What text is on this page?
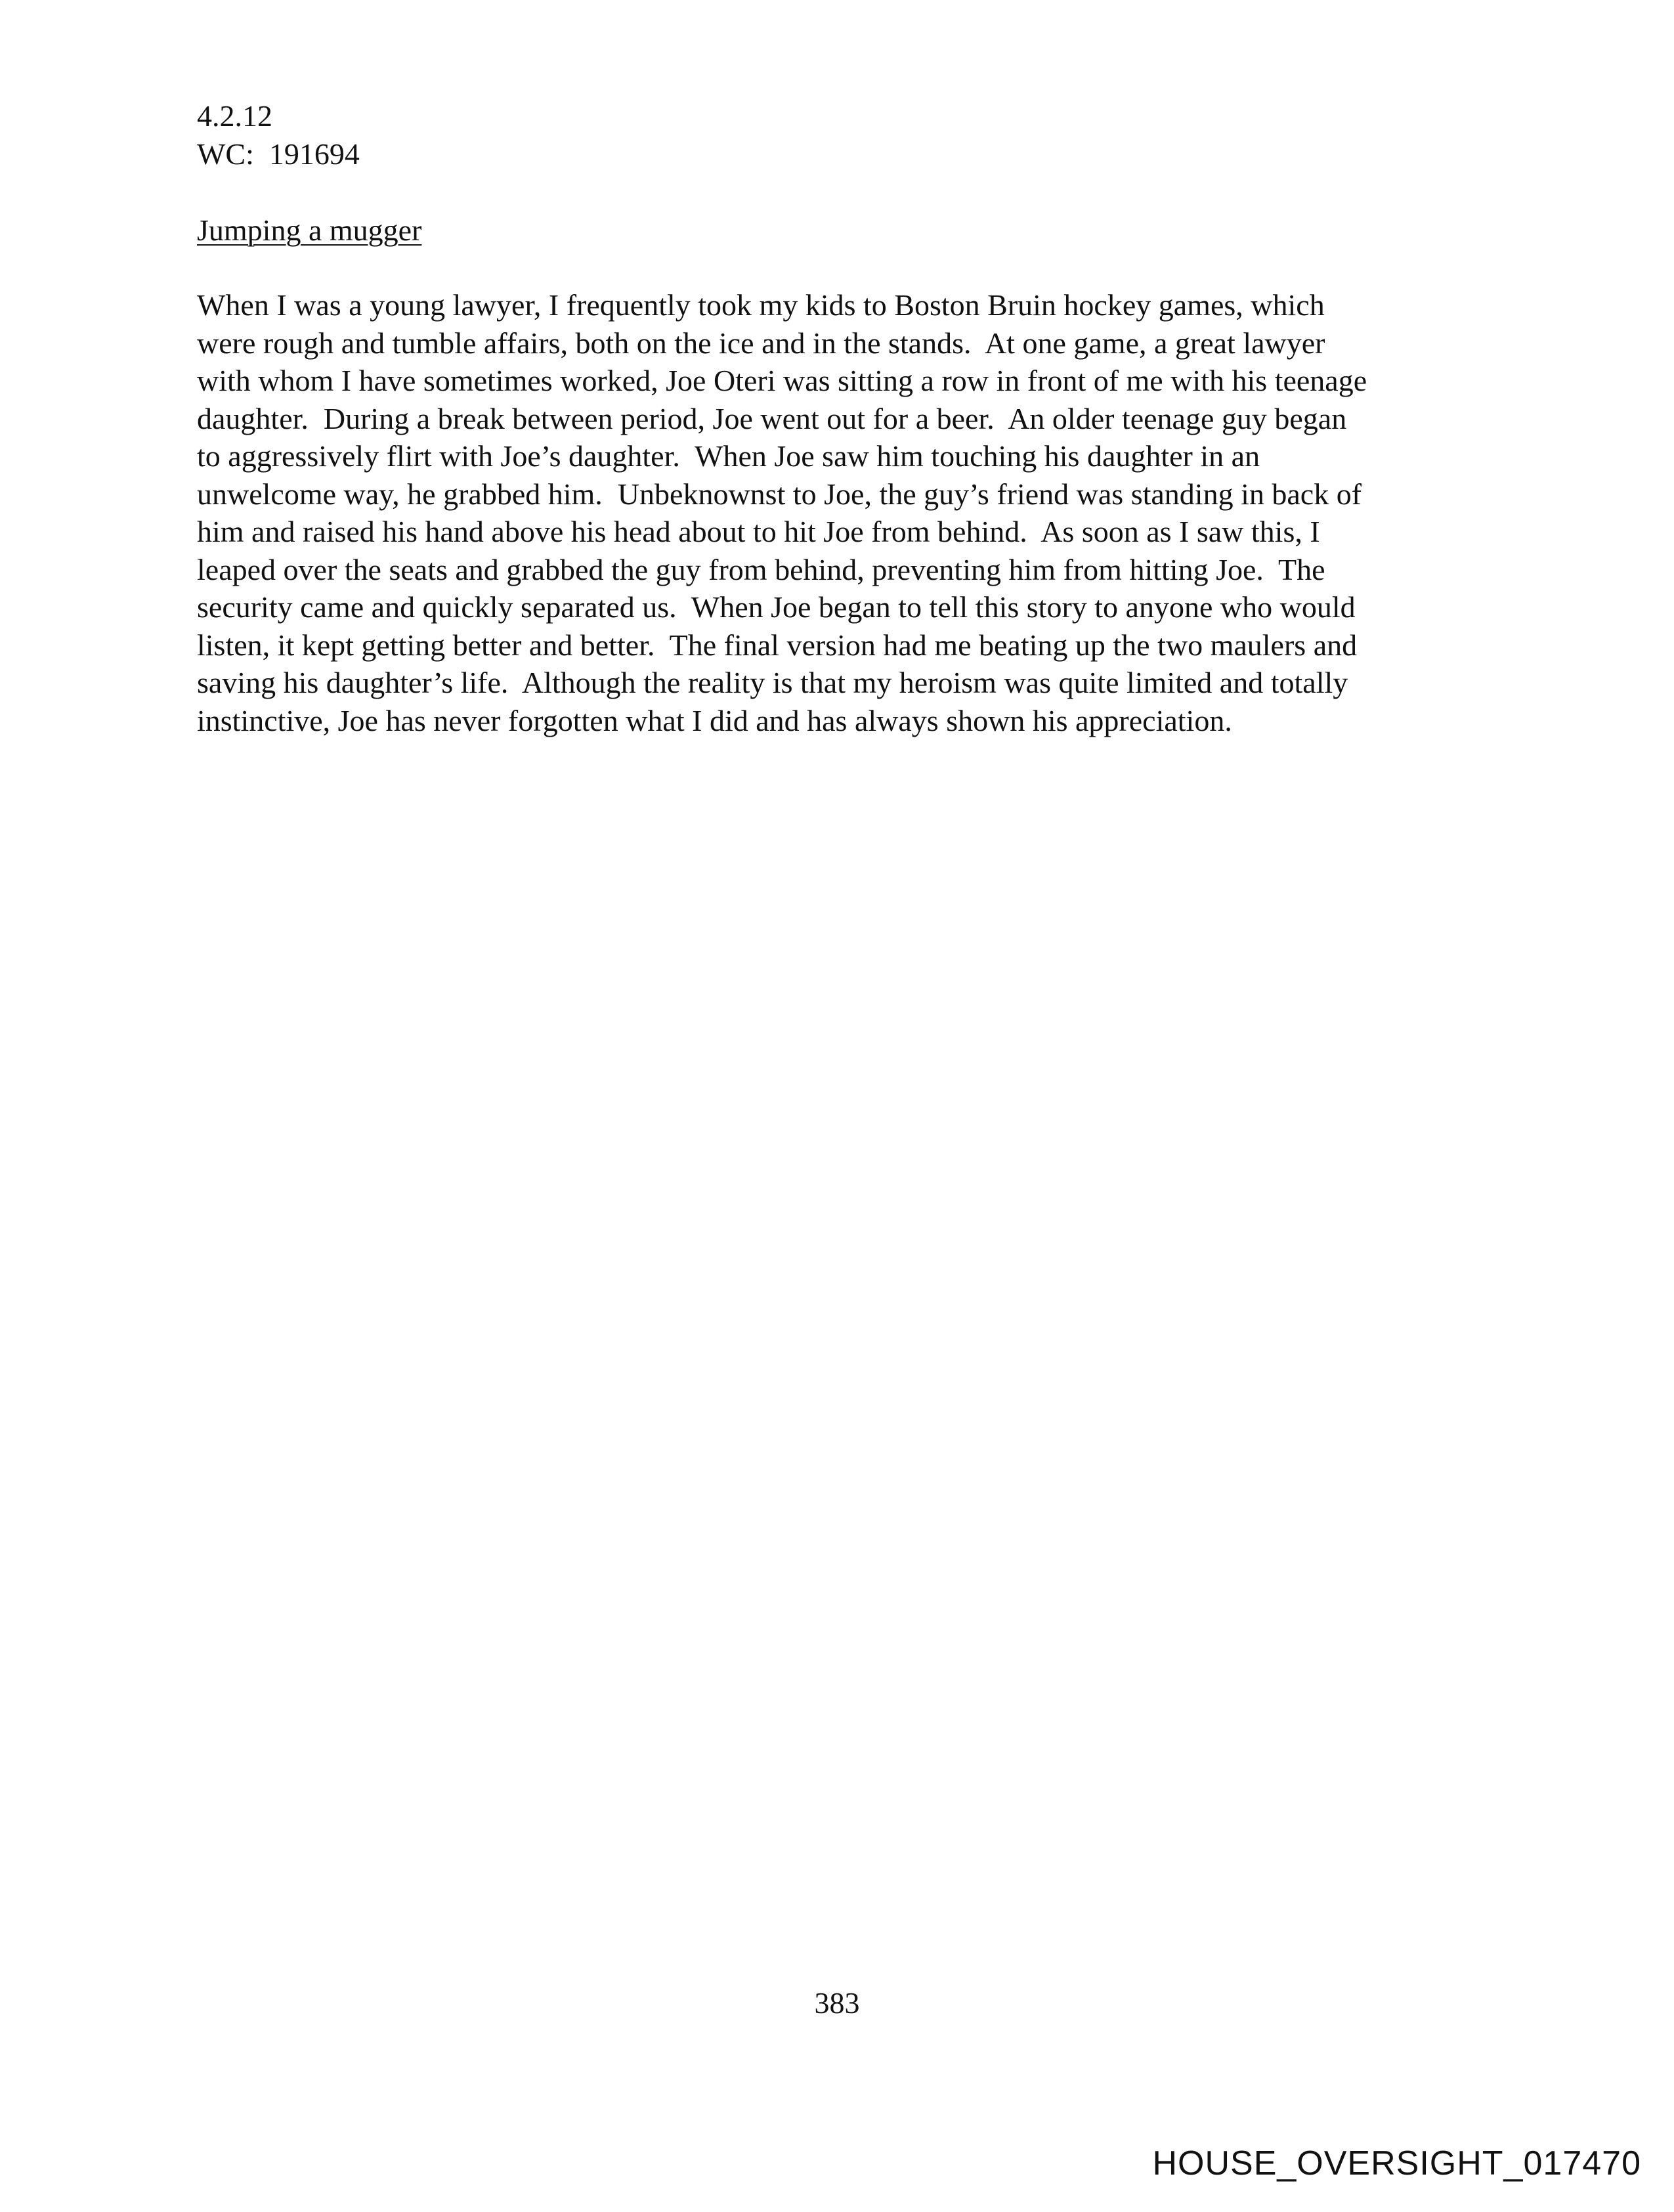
4.2.12
WC:  191694
Jumping a mugger
When I was a young lawyer, I frequently took my kids to Boston Bruin hockey games, which
were rough and tumble affairs, both on the ice and in the stands.  At one game, a great lawyer
with whom I have sometimes worked, Joe Oteri was sitting a row in front of me with his teenage
daughter.  During a break between period, Joe went out for a beer.  An older teenage guy began
to aggressively flirt with Joe’s daughter.  When Joe saw him touching his daughter in an
unwelcome way, he grabbed him.  Unbeknownst to Joe, the guy’s friend was standing in back of
him and raised his hand above his head about to hit Joe from behind.  As soon as I saw this, I
leaped over the seats and grabbed the guy from behind, preventing him from hitting Joe.  The
security came and quickly separated us.  When Joe began to tell this story to anyone who would
listen, it kept getting better and better.  The final version had me beating up the two maulers and
saving his daughter’s life.  Although the reality is that my heroism was quite limited and totally
instinctive, Joe has never forgotten what I did and has always shown his appreciation.
383
HOUSE_OVERSIGHT_017470
